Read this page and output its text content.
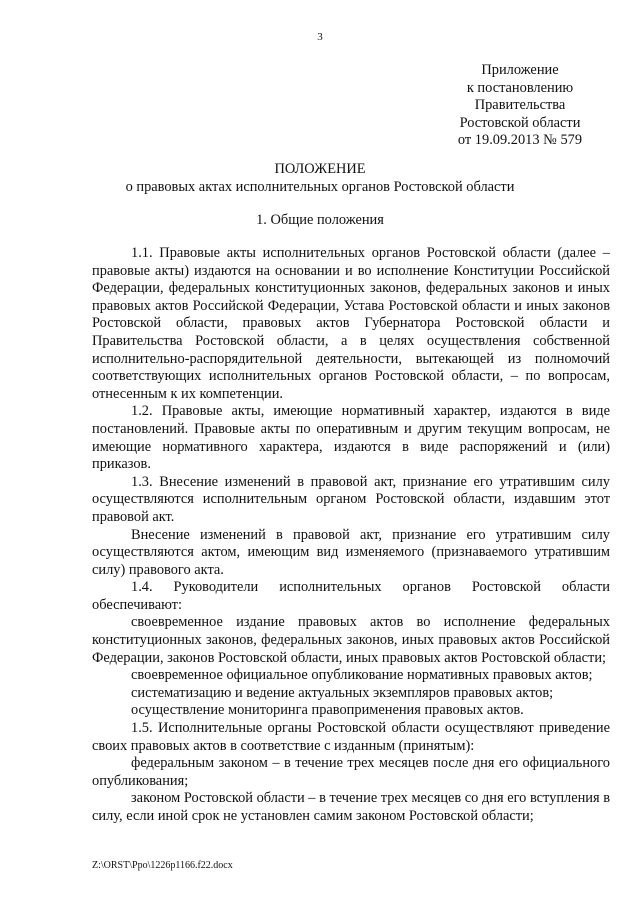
3
Приложение
к постановлению
Правительства
Ростовской области
от 19.09.2013 № 579
ПОЛОЖЕНИЕ
о правовых актах исполнительных органов Ростовской области
1. Общие положения

1.1. Правовые акты исполнительных органов Ростовской области (далее – правовые акты) издаются на основании и во исполнение Конституции Российской Федерации, федеральных конституционных законов, федеральных законов и иных правовых актов Российской Федерации, Устава Ростовской области и иных законов Ростовской области, правовых актов Губернатора Ростовской области и Правительства Ростовской области, а в целях осуществления собственной исполнительно-распорядительной деятельности, вытекающей из полномочий соответствующих исполнительных органов Ростовской области, – по вопросам, отнесенным к их компетенции.

1.2. Правовые акты, имеющие нормативный характер, издаются в виде постановлений. Правовые акты по оперативным и другим текущим вопросам, не имеющие нормативного характера, издаются в виде распоряжений и (или) приказов.

1.3. Внесение изменений в правовой акт, признание его утратившим силу осуществляются исполнительным органом Ростовской области, издавшим этот правовой акт.

Внесение изменений в правовой акт, признание его утратившим силу осуществляются актом, имеющим вид изменяемого (признаваемого утратившим силу) правового акта.

1.4. Руководители исполнительных органов Ростовской области обеспечивают:

своевременное издание правовых актов во исполнение федеральных конституционных законов, федеральных законов, иных правовых актов Российской Федерации, законов Ростовской области, иных правовых актов Ростовской области;

своевременное официальное опубликование нормативных правовых актов;

систематизацию и ведение актуальных экземпляров правовых актов;

осуществление мониторинга правоприменения правовых актов.

1.5. Исполнительные органы Ростовской области осуществляют приведение своих правовых актов в соответствие с изданным (принятым):

федеральным законом – в течение трех месяцев после дня его официального опубликования;

законом Ростовской области – в течение трех месяцев со дня его вступления в силу, если иной срок не установлен самим законом Ростовской области;

Z:\ORST\Ppo\1226p1166.f22.docx
